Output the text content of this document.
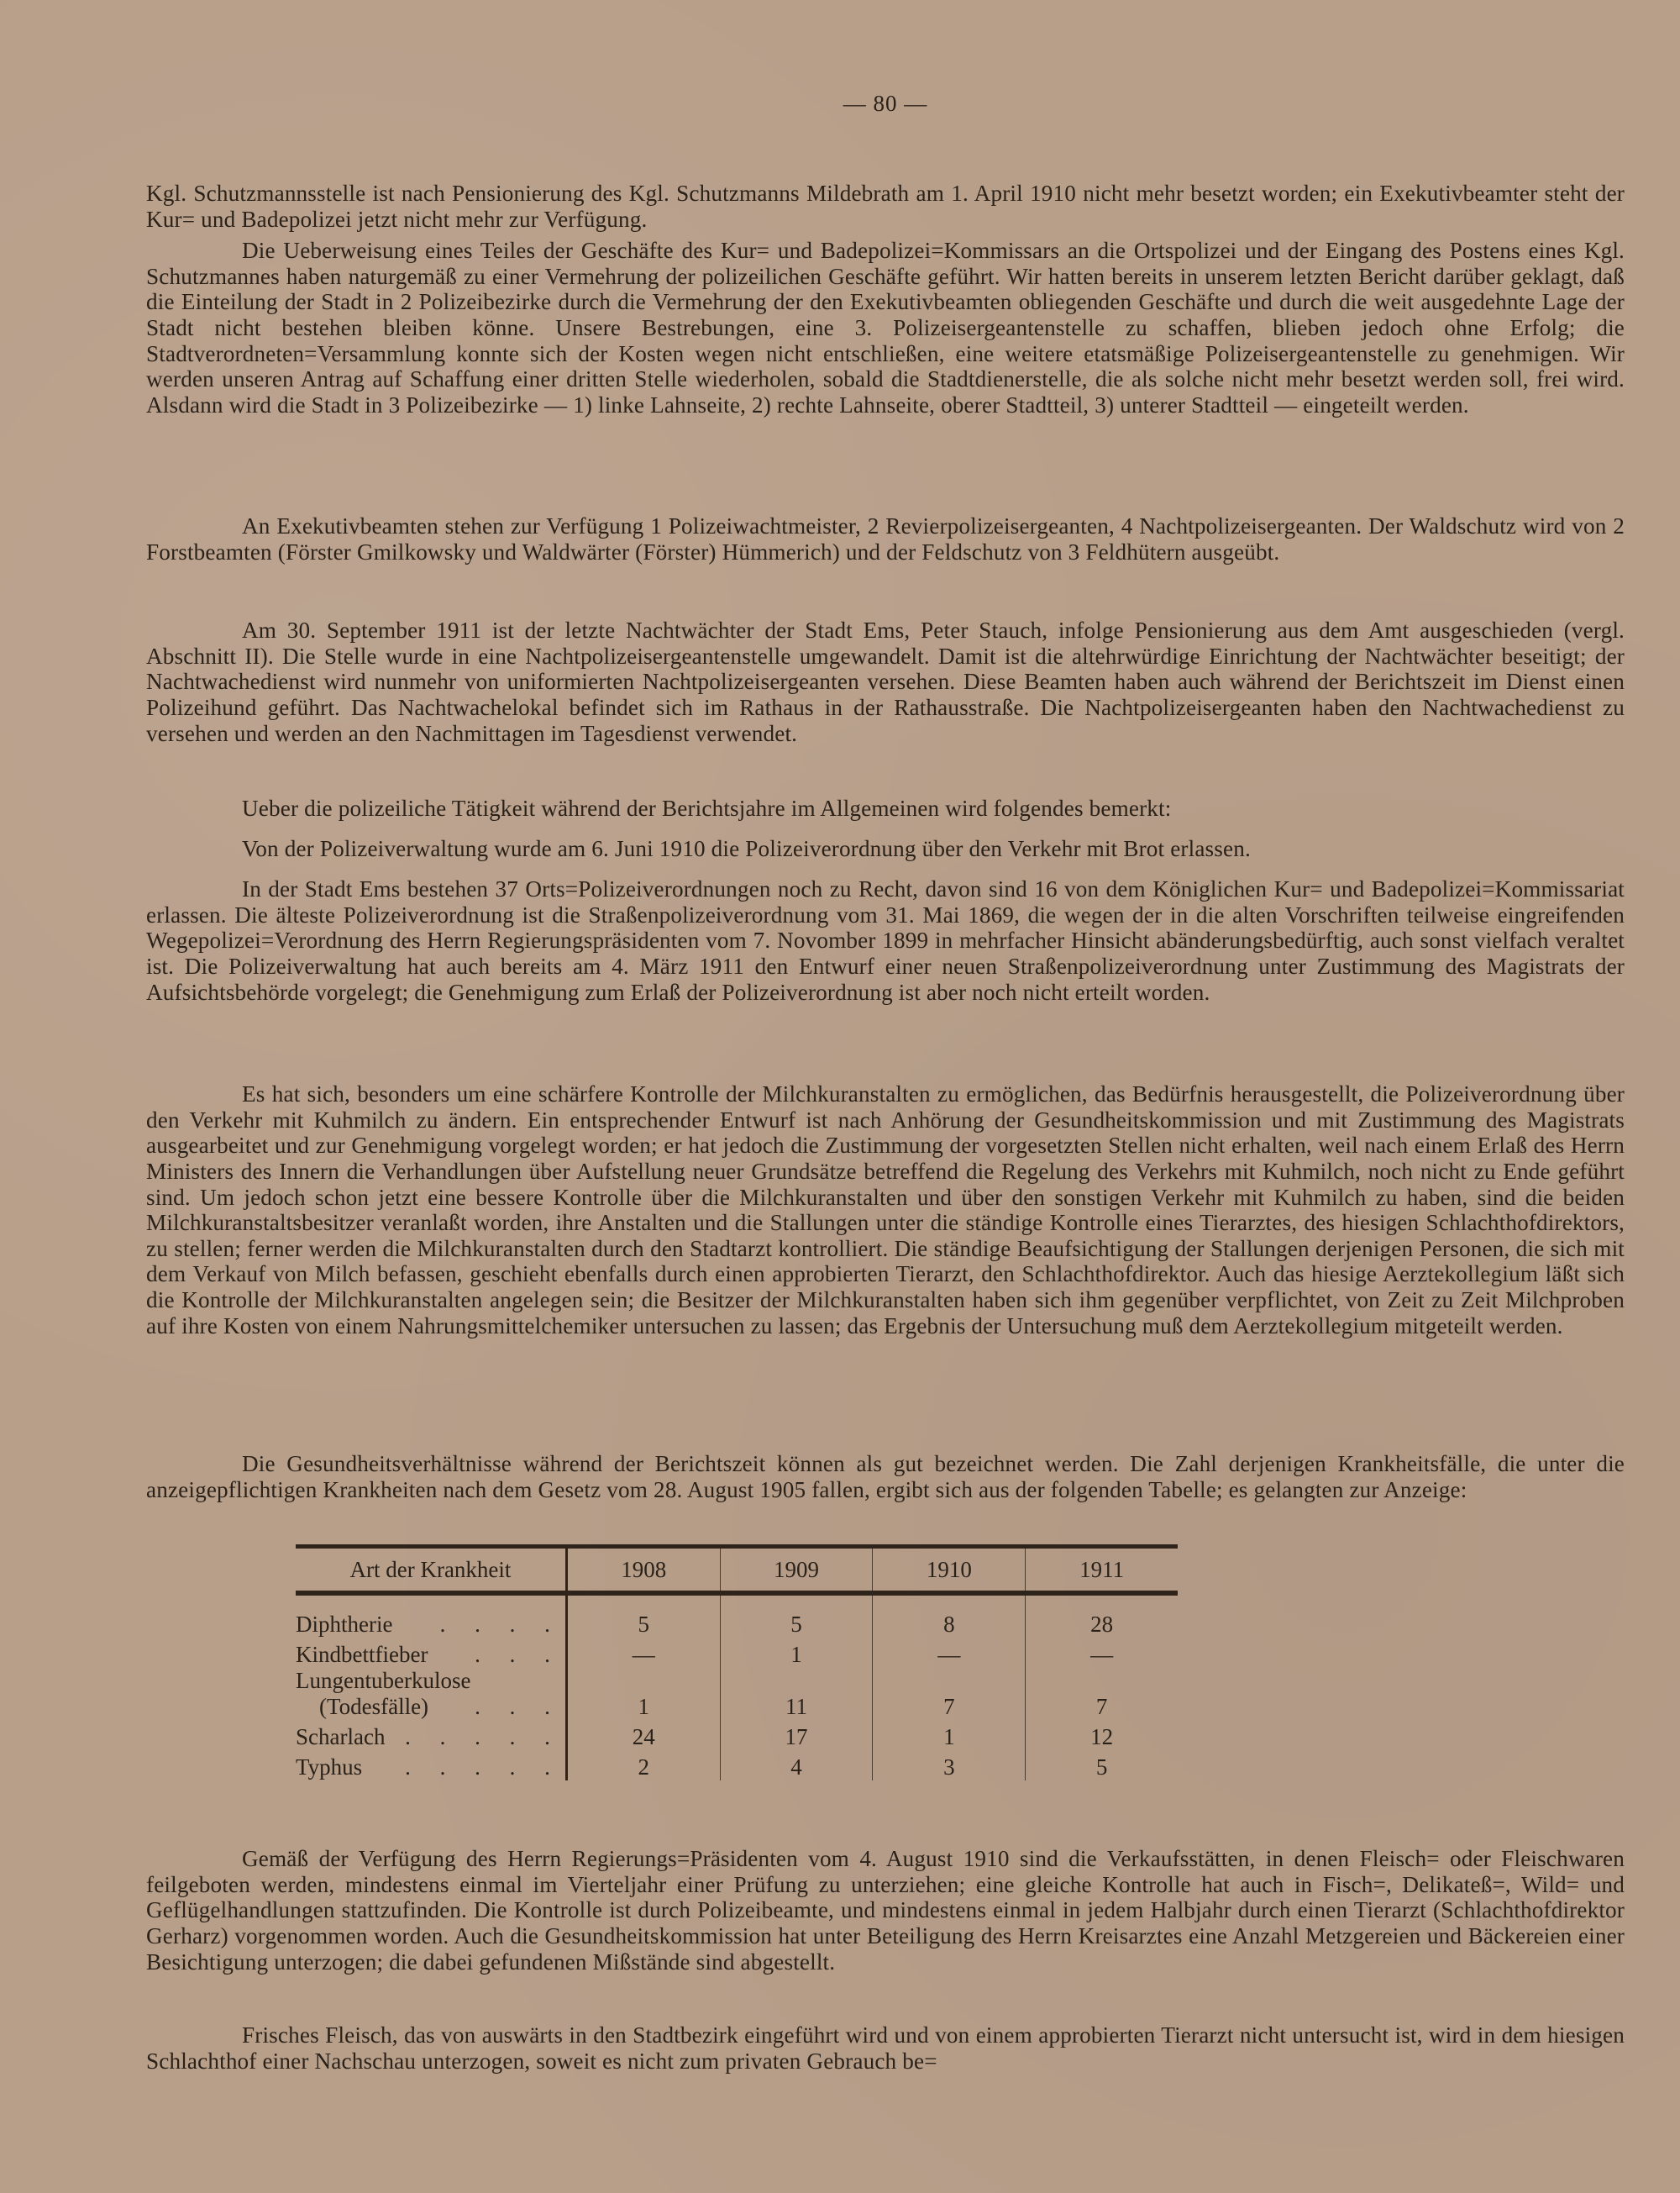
— 80 —

Kgl. Schutzmannsstelle ist nach Pensionierung des Kgl. Schutzmanns Mildebrath am 1. April 1910 nicht mehr besetzt worden; ein Exekutivbeamter steht der Kur= und Badepolizei jetzt nicht mehr zur Verfügung.

Die Ueberweisung eines Teiles der Geschäfte des Kur= und Badepolizei=Kommissars an die Ortspolizei und der Eingang des Postens eines Kgl. Schutzmannes haben naturgemäß zu einer Vermehrung der polizeilichen Geschäfte geführt. Wir hatten bereits in unserem letzten Bericht darüber geklagt, daß die Einteilung der Stadt in 2 Polizeibezirke durch die Vermehrung der den Exekutivbeamten obliegenden Geschäfte und durch die weit ausgedehnte Lage der Stadt nicht bestehen bleiben könne. Unsere Bestrebungen, eine 3. Polizeisergeantenstelle zu schaffen, blieben jedoch ohne Erfolg; die Stadtverordneten=Versammlung konnte sich der Kosten wegen nicht entschließen, eine weitere etatsmäßige Polizeisergeantenstelle zu genehmigen. Wir werden unseren Antrag auf Schaffung einer dritten Stelle wiederholen, sobald die Stadtdienerstelle, die als solche nicht mehr besetzt werden soll, frei wird. Alsdann wird die Stadt in 3 Polizeibezirke — 1) linke Lahnseite, 2) rechte Lahnseite, oberer Stadtteil, 3) unterer Stadtteil — eingeteilt werden.

An Exekutivbeamten stehen zur Verfügung 1 Polizeiwachtmeister, 2 Revierpolizeisergeanten, 4 Nachtpolizeisergeanten. Der Waldschutz wird von 2 Forstbeamten (Förster Gmilkowsky und Waldwärter (Förster) Hümmerich) und der Feldschutz von 3 Feldhütern ausgeübt.

Am 30. September 1911 ist der letzte Nachtwächter der Stadt Ems, Peter Stauch, infolge Pensionierung aus dem Amt ausgeschieden (vergl. Abschnitt II). Die Stelle wurde in eine Nachtpolizeisergeantenstelle umgewandelt. Damit ist die altehrwürdige Einrichtung der Nachtwächter beseitigt; der Nachtwachedienst wird nunmehr von uniformierten Nachtpolizeisergeanten versehen. Diese Beamten haben auch während der Berichtszeit im Dienst einen Polizeihund geführt. Das Nachtwachelokal befindet sich im Rathaus in der Rathausstraße. Die Nachtpolizeisergeanten haben den Nachtwachedienst zu versehen und werden an den Nachmittagen im Tagesdienst verwendet.

Ueber die polizeiliche Tätigkeit während der Berichtsjahre im Allgemeinen wird folgendes bemerkt:

Von der Polizeiverwaltung wurde am 6. Juni 1910 die Polizeiverordnung über den Verkehr mit Brot erlassen.

In der Stadt Ems bestehen 37 Orts=Polizeiverordnungen noch zu Recht, davon sind 16 von dem Königlichen Kur= und Badepolizei=Kommissariat erlassen. Die älteste Polizeiverordnung ist die Straßenpolizeiverordnung vom 31. Mai 1869, die wegen der in die alten Vorschriften teilweise eingreifenden Wegepolizei=Verordnung des Herrn Regierungspräsidenten vom 7. Novomber 1899 in mehrfacher Hinsicht abänderungsbedürftig, auch sonst vielfach veraltet ist. Die Polizeiverwaltung hat auch bereits am 4. März 1911 den Entwurf einer neuen Straßenpolizeiverordnung unter Zustimmung des Magistrats der Aufsichtsbehörde vorgelegt; die Genehmigung zum Erlaß der Polizeiverordnung ist aber noch nicht erteilt worden.

Es hat sich, besonders um eine schärfere Kontrolle der Milchkuranstalten zu ermöglichen, das Bedürfnis herausgestellt, die Polizeiverordnung über den Verkehr mit Kuhmilch zu ändern. Ein entsprechender Entwurf ist nach Anhörung der Gesundheitskommission und mit Zustimmung des Magistrats ausgearbeitet und zur Genehmigung vorgelegt worden; er hat jedoch die Zustimmung der vorgesetzten Stellen nicht erhalten, weil nach einem Erlaß des Herrn Ministers des Innern die Verhandlungen über Aufstellung neuer Grundsätze betreffend die Regelung des Verkehrs mit Kuhmilch, noch nicht zu Ende geführt sind. Um jedoch schon jetzt eine bessere Kontrolle über die Milchkuranstalten und über den sonstigen Verkehr mit Kuhmilch zu haben, sind die beiden Milchkuranstaltsbesitzer veranlaßt worden, ihre Anstalten und die Stallungen unter die ständige Kontrolle eines Tierarztes, des hiesigen Schlachthofdirektors, zu stellen; ferner werden die Milchkuranstalten durch den Stadtarzt kontrolliert. Die ständige Beaufsichtigung der Stallungen derjenigen Personen, die sich mit dem Verkauf von Milch befassen, geschieht ebenfalls durch einen approbierten Tierarzt, den Schlachthofdirektor. Auch das hiesige Aerztekollegium läßt sich die Kontrolle der Milchkuranstalten angelegen sein; die Besitzer der Milchkuranstalten haben sich ihm gegenüber verpflichtet, von Zeit zu Zeit Milchproben auf ihre Kosten von einem Nahrungsmittelchemiker untersuchen zu lassen; das Ergebnis der Untersuchung muß dem Aerztekollegium mitgeteilt werden.

Die Gesundheitsverhältnisse während der Berichtszeit können als gut bezeichnet werden. Die Zahl derjenigen Krankheitsfälle, die unter die anzeigepflichtigen Krankheiten nach dem Gesetz vom 28. August 1905 fallen, ergibt sich aus der folgenden Tabelle; es gelangten zur Anzeige:

Gemäß der Verfügung des Herrn Regierungs=Präsidenten vom 4. August 1910 sind die Verkaufsstätten, in denen Fleisch= oder Fleischwaren feilgeboten werden, mindestens einmal im Vierteljahr einer Prüfung zu unterziehen; eine gleiche Kontrolle hat auch in Fisch=, Delikateß=, Wild= und Geflügelhandlungen stattzufinden. Die Kontrolle ist durch Polizeibeamte, und mindestens einmal in jedem Halbjahr durch einen Tierarzt (Schlachthofdirektor Gerharz) vorgenommen worden. Auch die Gesundheitskommission hat unter Beteiligung des Herrn Kreisarztes eine Anzahl Metzgereien und Bäckereien einer Besichtigung unterzogen; die dabei gefundenen Mißstände sind abgestellt.

Frisches Fleisch, das von auswärts in den Stadtbezirk eingeführt wird und von einem approbierten Tierarzt nicht untersucht ist, wird in dem hiesigen Schlachthof einer Nachschau unterzogen, soweit es nicht zum privaten Gebrauch be=

Art der Krankheit	1908	1909	1910	1911

Diphtherie . . . .	5	5	8	28

Kindbettfieber . . .	—	1	—	—

Lungentuberkulose
(Todesfälle) . . .	1	11	7	7

Scharlach . . . . .	24	17	1	12

Typhus . . . . .	2	4	3	5
